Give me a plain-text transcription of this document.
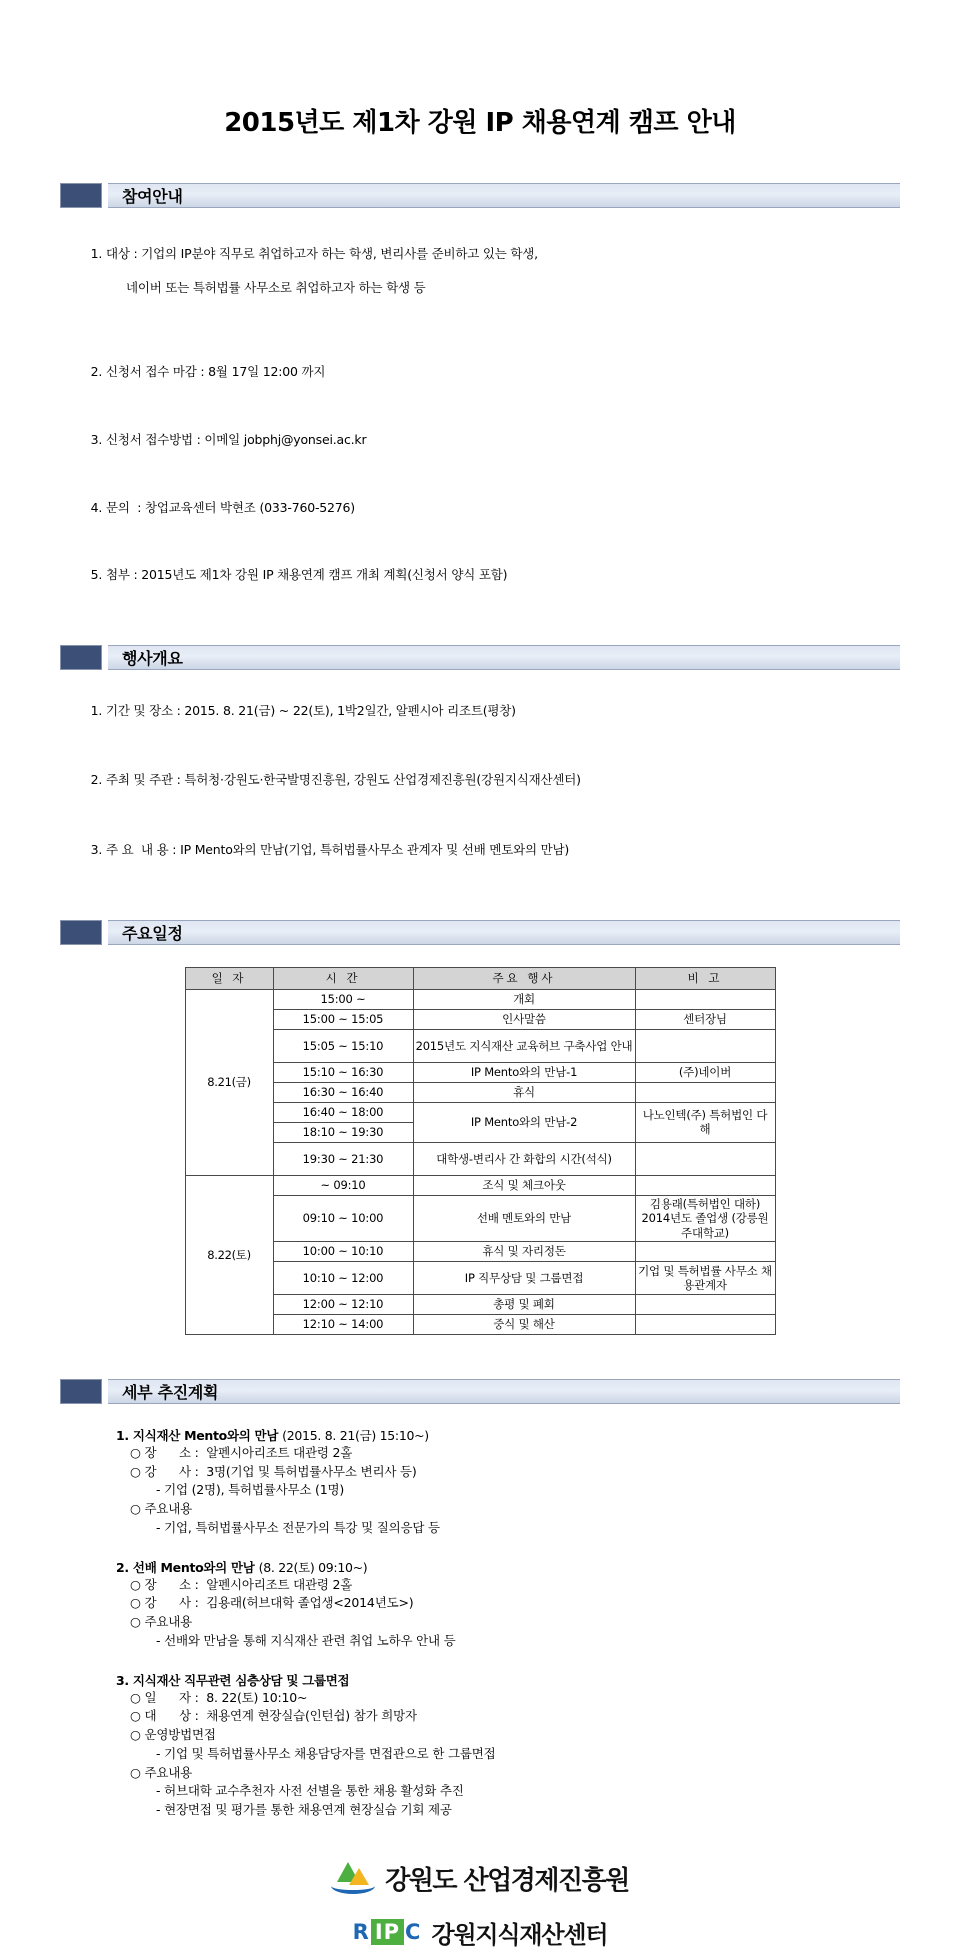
2015년도 제1차 강원 IP 채용연계 캠프 안내
참여안내

1. 대상 : 기업의 IP분야 직무로 취업하고자 하는 학생, 변리사를 준비하고 있는 학생,

네이버 또는 특허법률 사무소로 취업하고자 하는 학생 등

2. 신청서 접수 마감 : 8월 17일 12:00 까지

3. 신청서 접수방법 : 이메일 jobphj@yonsei.ac.kr

4. 문의  : 창업교육센터 박현조 (033-760-5276)

5. 첨부 : 2015년도 제1차 강원 IP 채용연계 캠프 개최 계획(신청서 양식 포함)

행사개요

1. 기간 및 장소 : 2015. 8. 21(금) ~ 22(토), 1박2일간, 알펜시아 리조트(평창)

2. 주최 및 주관 : 특허청·강원도·한국발명진흥원, 강원도 산업경제진흥원(강원지식재산센터)

3. 주 요  내 용 : IP Mento와의 만남(기업, 특허법률사무소 관계자 및 선배 멘토와의 만남)

주요일정
일 자	시 간	주요 행사	비 고
8.21(금)	15:00 ~	개회	
	15:00 ~ 15:05	인사말씀	센터장님
	15:05 ~ 15:10	2015년도 지식재산 교육허브 구축사업 안내	
	15:10 ~ 16:30	IP Mento와의 만남-1	(주)네이버
	16:30 ~ 16:40	휴식	
	16:40 ~ 18:00	IP Mento와의 만남-2	나노인텍(주) 특허법인 다해
	18:10 ~ 19:30		
	19:30 ~ 21:30	대학생-변리사 간 화합의 시간(석식)	
8.22(토)	~ 09:10	조식 및 체크아웃	
	09:10 ~ 10:00	선배 멘토와의 만남	김용래(특허법인 대하) 2014년도 졸업생 (강릉원주대학교)
	10:00 ~ 10:10	휴식 및 자리정돈	
	10:10 ~ 12:00	IP 직무상담 및 그룹면접	기업 및 특허법률 사무소 채용관계자
	12:00 ~ 12:10	총평 및 폐회	
	12:10 ~ 14:00	중식 및 해산	
세부 추진계획
1. 지식재산 Mento와의 만남 (2015. 8. 21(금) 15:10~)
○ 장      소 :  알펜시아리조트 대관령 2홀
○ 강      사 :  3명(기업 및 특허법률사무소 변리사 등)
- 기업 (2명), 특허법률사무소 (1명)
○ 주요내용
- 기업, 특허법률사무소 전문가의 특강 및 질의응답 등
2. 선배 Mento와의 만남 (8. 22(토) 09:10~)
○ 장      소 :  알펜시아리조트 대관령 2홀
○ 강      사 :  김용래(허브대학 졸업생<2014년도>)
○ 주요내용
- 선배와 만남을 통해 지식재산 관련 취업 노하우 안내 등
3. 지식재산 직무관련 심층상담 및 그룹면접
○ 일      자 :  8. 22(토) 10:10~
○ 대      상 :  채용연계 현장실습(인턴쉽) 참가 희망자
○ 운영방법면접
- 기업 및 특허법률사무소 채용담당자를 면접관으로 한 그룹면접
○ 주요내용
- 허브대학 교수추천자 사전 선별을 통한 채용 활성화 추진
- 현장면접 및 평가를 통한 채용연계 현장실습 기회 제공
강원도 산업경제진흥원
R IP C 강원지식재산센터
